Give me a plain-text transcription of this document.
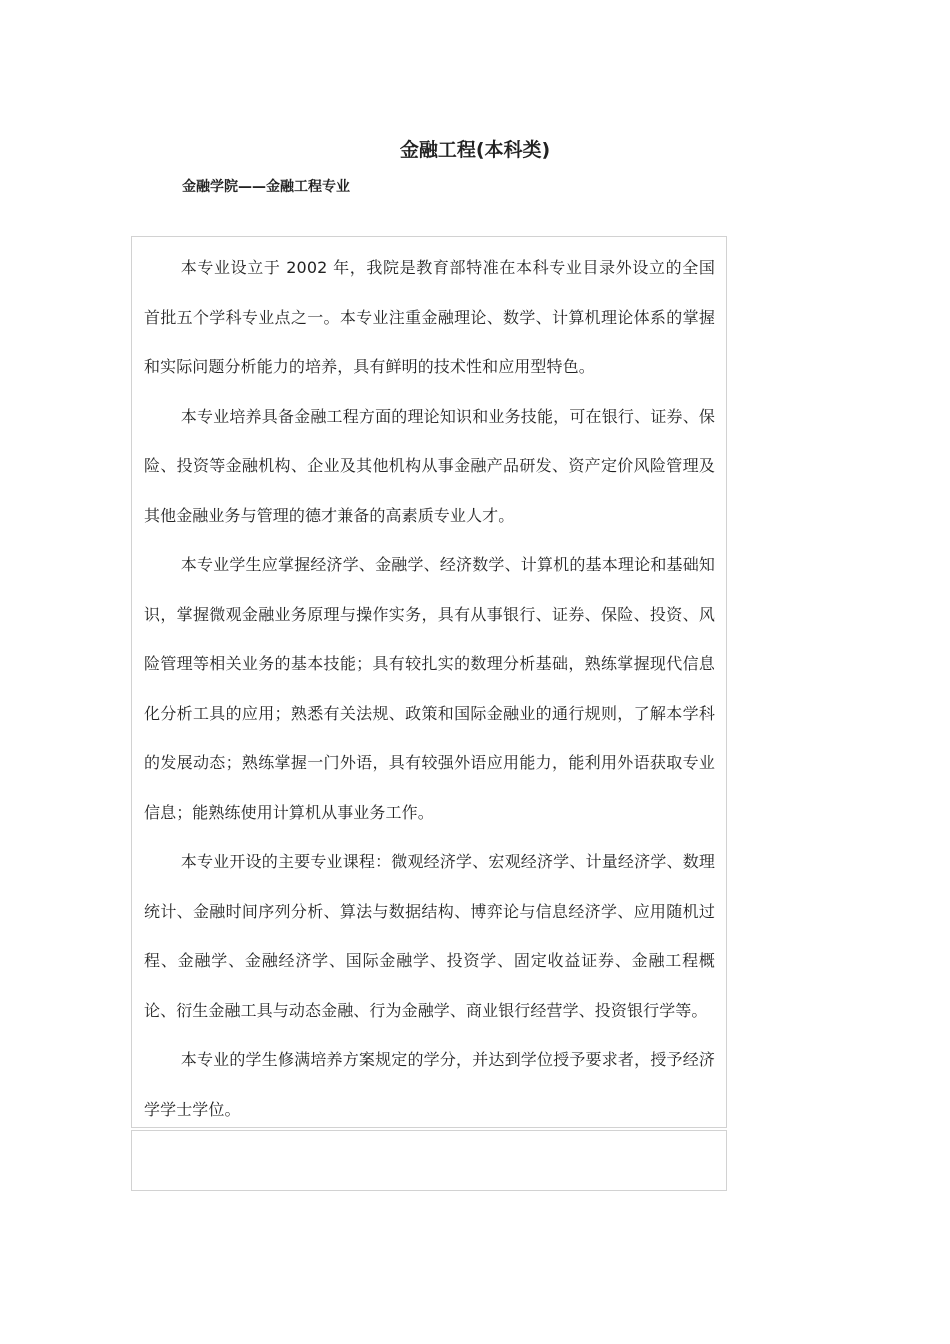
金融工程(本科类)
金融学院——金融工程专业

本专业设立于 2002 年，我院是教育部特准在本科专业目录外设立的全国首批五个学科专业点之一。本专业注重金融理论、数学、计算机理论体系的掌握和实际问题分析能力的培养，具有鲜明的技术性和应用型特色。

本专业培养具备金融工程方面的理论知识和业务技能，可在银行、证券、保险、投资等金融机构、企业及其他机构从事金融产品研发、资产定价风险管理及其他金融业务与管理的德才兼备的高素质专业人才。

本专业学生应掌握经济学、金融学、经济数学、计算机的基本理论和基础知识，掌握微观金融业务原理与操作实务，具有从事银行、证券、保险、投资、风险管理等相关业务的基本技能；具有较扎实的数理分析基础，熟练掌握现代信息化分析工具的应用；熟悉有关法规、政策和国际金融业的通行规则，了解本学科的发展动态；熟练掌握一门外语，具有较强外语应用能力，能利用外语获取专业信息；能熟练使用计算机从事业务工作。

本专业开设的主要专业课程：微观经济学、宏观经济学、计量经济学、数理统计、金融时间序列分析、算法与数据结构、博弈论与信息经济学、应用随机过程、金融学、金融经济学、国际金融学、投资学、固定收益证券、金融工程概论、衍生金融工具与动态金融、行为金融学、商业银行经营学、投资银行学等。

本专业的学生修满培养方案规定的学分，并达到学位授予要求者，授予经济学学士学位。
